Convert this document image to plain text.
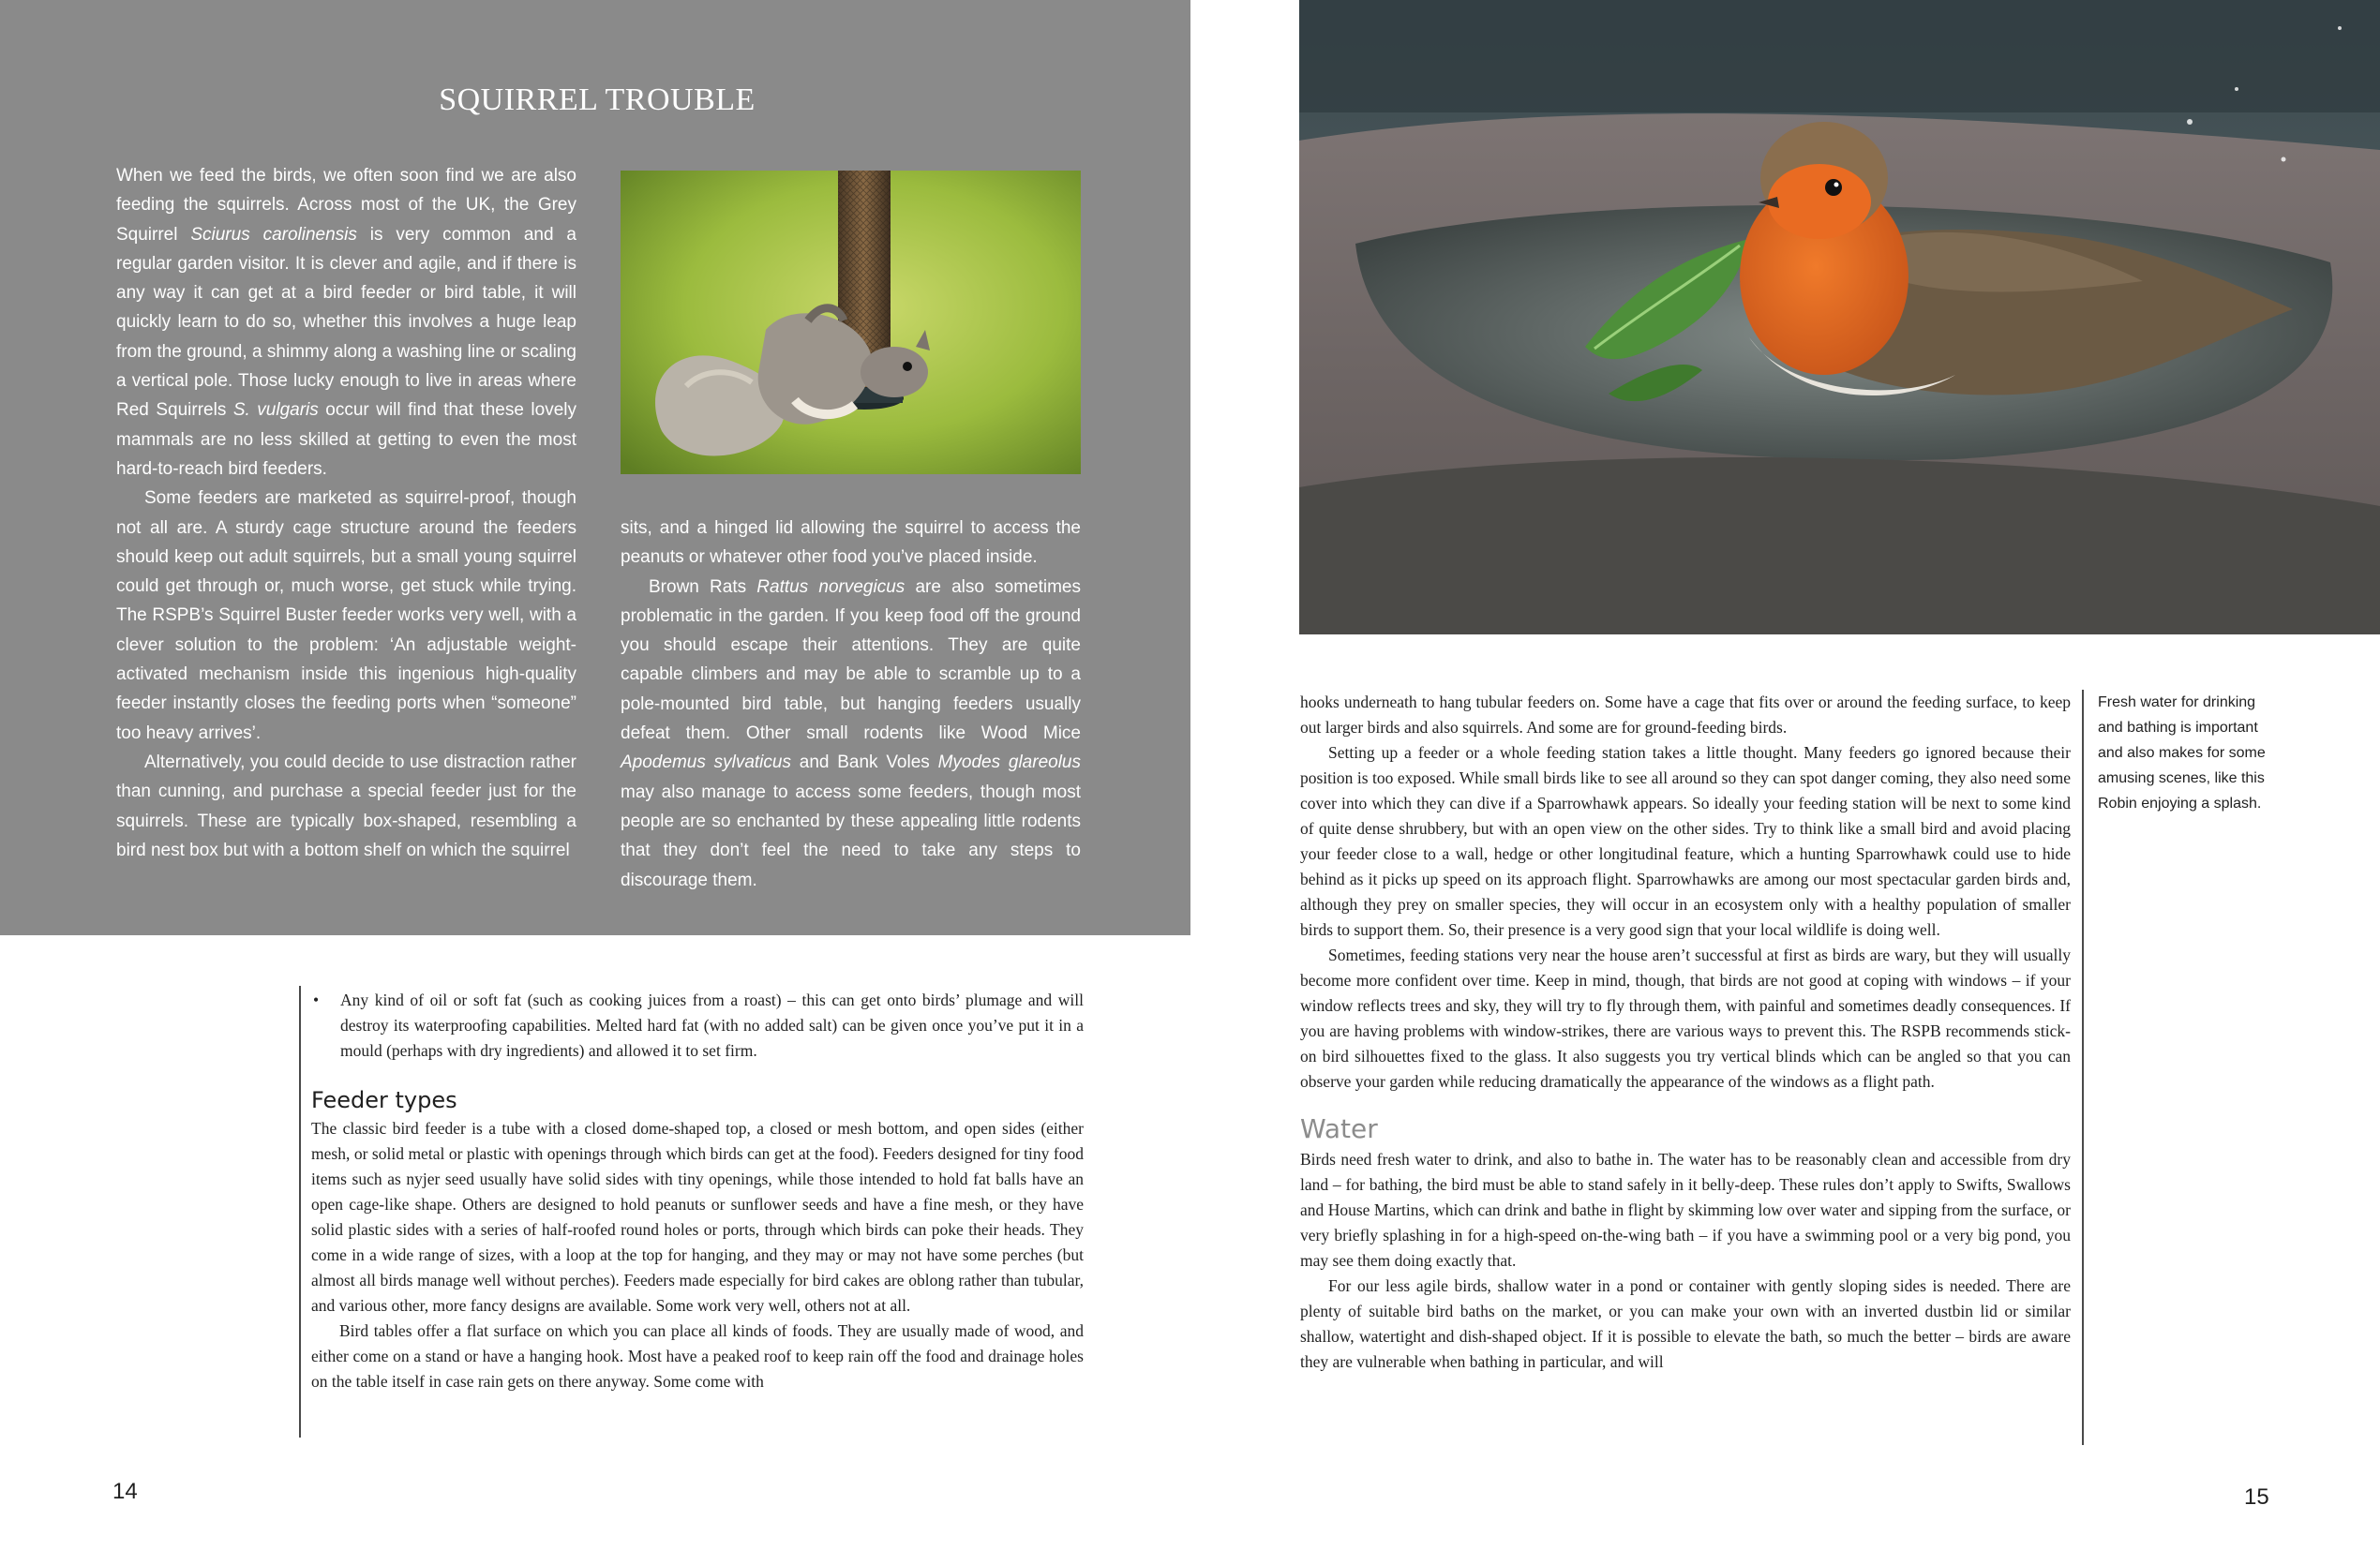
SQUIRREL TROUBLE

When we feed the birds, we often soon find we are also feeding the squirrels. Across most of the UK, the Grey Squirrel Sciurus carolinensis is very common and a regular garden visitor. It is clever and agile, and if there is any way it can get at a bird feeder or bird table, it will quickly learn to do so, whether this involves a huge leap from the ground, a shimmy along a washing line or scaling a vertical pole. Those lucky enough to live in areas where Red Squirrels S. vulgaris occur will find that these lovely mammals are no less skilled at getting to even the most hard-to-reach bird feeders.

Some feeders are marketed as squirrel-proof, though not all are. A sturdy cage structure around the feeders should keep out adult squirrels, but a small young squirrel could get through or, much worse, get stuck while trying. The RSPB’s Squirrel Buster feeder works very well, with a clever solution to the problem: ‘An adjustable weight-activated mechanism inside this ingenious high-quality feeder instantly closes the feeding ports when “someone” too heavy arrives’.

Alternatively, you could decide to use distraction rather than cunning, and purchase a special feeder just for the squirrels. These are typically box-shaped, resembling a bird nest box but with a bottom shelf on which the squirrel

sits, and a hinged lid allowing the squirrel to access the peanuts or whatever other food you’ve placed inside.

Brown Rats Rattus norvegicus are also sometimes problematic in the garden. If you keep food off the ground you should escape their attentions. They are quite capable climbers and may be able to scramble up to a pole-mounted bird table, but hanging feeders usually defeat them. Other small rodents like Wood Mice Apodemus sylvaticus and Bank Voles Myodes glareolus may also manage to access some feeders, though most people are so enchanted by these appealing little rodents that they don’t feel the need to take any steps to discourage them.

• Any kind of oil or soft fat (such as cooking juices from a roast) – this can get onto birds’ plumage and will destroy its waterproofing capabilities. Melted hard fat (with no added salt) can be given once you’ve put it in a mould (perhaps with dry ingredients) and allowed it to set firm.

Feeder types

The classic bird feeder is a tube with a closed dome-shaped top, a closed or mesh bottom, and open sides (either mesh, or solid metal or plastic with openings through which birds can get at the food). Feeders designed for tiny food items such as nyjer seed usually have solid sides with tiny openings, while those intended to hold fat balls have an open cage-like shape. Others are designed to hold peanuts or sunflower seeds and have a fine mesh, or they have solid plastic sides with a series of half-roofed round holes or ports, through which birds can poke their heads. They come in a wide range of sizes, with a loop at the top for hanging, and they may or may not have some perches (but almost all birds manage well without perches). Feeders made especially for bird cakes are oblong rather than tubular, and various other, more fancy designs are available. Some work very well, others not at all.

Bird tables offer a flat surface on which you can place all kinds of foods. They are usually made of wood, and either come on a stand or have a hanging hook. Most have a peaked roof to keep rain off the food and drainage holes on the table itself in case rain gets on there anyway. Some come with

14

hooks underneath to hang tubular feeders on. Some have a cage that fits over or around the feeding surface, to keep out larger birds and also squirrels. And some are for ground-feeding birds.

Setting up a feeder or a whole feeding station takes a little thought. Many feeders go ignored because their position is too exposed. While small birds like to see all around so they can spot danger coming, they also need some cover into which they can dive if a Sparrowhawk appears. So ideally your feeding station will be next to some kind of quite dense shrubbery, but with an open view on the other sides. Try to think like a small bird and avoid placing your feeder close to a wall, hedge or other longitudinal feature, which a hunting Sparrowhawk could use to hide behind as it picks up speed on its approach flight. Sparrowhawks are among our most spectacular garden birds and, although they prey on smaller species, they will occur in an ecosystem only with a healthy population of smaller birds to support them. So, their presence is a very good sign that your local wildlife is doing well.

Sometimes, feeding stations very near the house aren’t successful at first as birds are wary, but they will usually become more confident over time. Keep in mind, though, that birds are not good at coping with windows – if your window reflects trees and sky, they will try to fly through them, with painful and sometimes deadly consequences. If you are having problems with window-strikes, there are various ways to prevent this. The RSPB recommends stick-on bird silhouettes fixed to the glass. It also suggests you try vertical blinds which can be angled so that you can observe your garden while reducing dramatically the appearance of the windows as a flight path.

Water

Birds need fresh water to drink, and also to bathe in. The water has to be reasonably clean and accessible from dry land – for bathing, the bird must be able to stand safely in it belly-deep. These rules don’t apply to Swifts, Swallows and House Martins, which can drink and bathe in flight by skimming low over water and sipping from the surface, or very briefly splashing in for a high-speed on-the-wing bath – if you have a swimming pool or a very big pond, you may see them doing exactly that.

For our less agile birds, shallow water in a pond or container with gently sloping sides is needed. There are plenty of suitable bird baths on the market, or you can make your own with an inverted dustbin lid or similar shallow, watertight and dish-shaped object. If it is possible to elevate the bath, so much the better – birds are aware they are vulnerable when bathing in particular, and will

Fresh water for drinking and bathing is important and also makes for some amusing scenes, like this Robin enjoying a splash.
15
